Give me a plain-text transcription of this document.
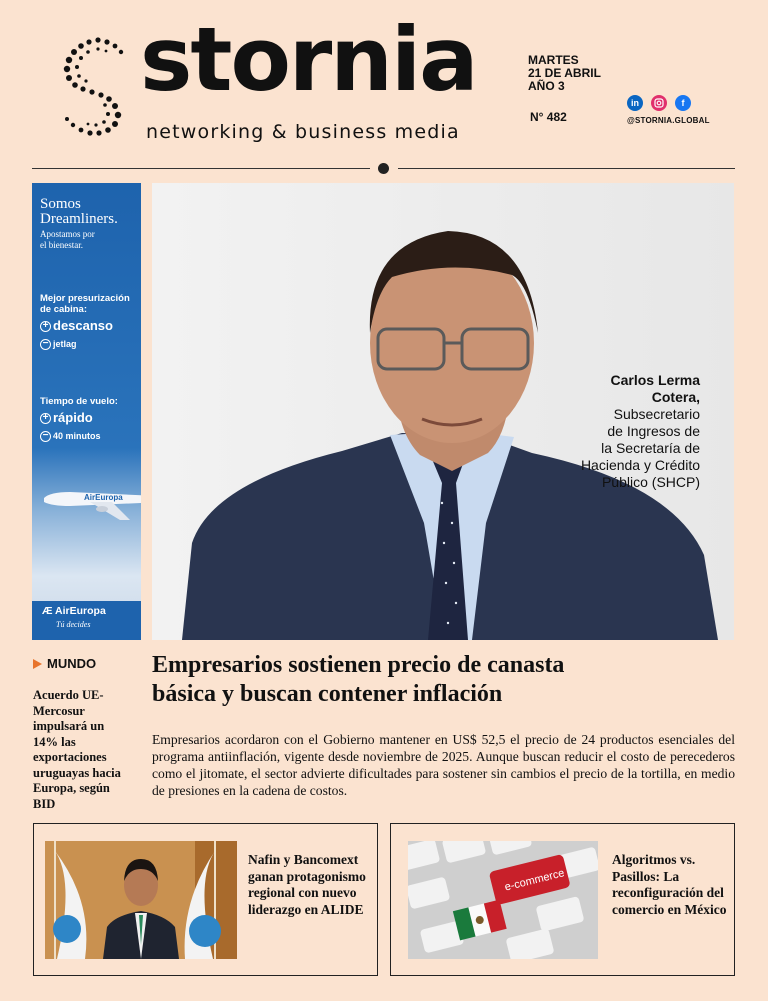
stornia
networking & business media
MARTES
21 DE ABRIL
AÑO 3
N° 482
in	f
@STORNIA.GLOBAL
Somos
Dreamliners.
Apostamos por
el bienestar.
Mejor presurización
de cabina:
+ descanso
− jetlag
Tiempo de vuelo:
+ rápido
− 40 minutos
AirEuropa
Æ AirEuropa
Tú decides
Carlos Lerma
Cotera,
Subsecretario
de Ingresos de
la Secretaría de
Hacienda y Crédito
Público (SHCP)
MUNDO
Acuerdo UE-Mercosur impulsará un 14% las exportaciones uruguayas hacia Europa, según BID
Empresarios sostienen precio de canasta
básica y buscan contener inflación
Empresarios acordaron con el Gobierno mantener en US$ 52,5 el precio de 24 productos esenciales del programa antiinflación, vigente desde noviembre de 2025. Aunque buscan reducir el costo de perecederos como el jitomate, el sector advierte dificultades para sostener sin cambios el precio de la tortilla, en medio de presiones en la cadena de costos.
Nafin y Bancomext ganan protagonismo regional con nuevo liderazgo en ALIDE
e-commerce
Algoritmos vs. Pasillos: La reconfiguración del comercio en México
